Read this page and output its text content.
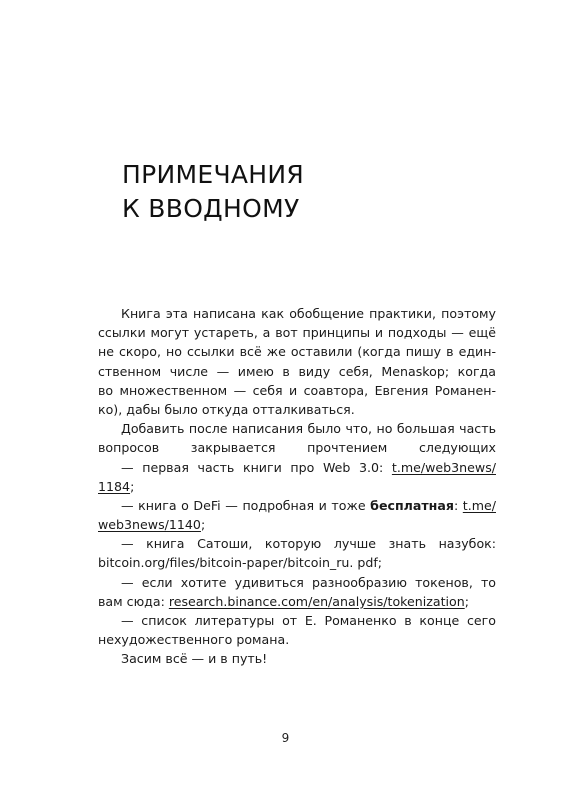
ПРИМЕЧАНИЯ
К ВВОДНОМУ
Книга эта написана как обобщение практики, поэтому
ссылки могут устареть, а вот принципы и подходы — ещё
не скоро, но ссылки всё же оставили (когда пишу в един-
ственном числе — имею в виду себя, Menaskop; когда
во множественном — себя и соавтора, Евгения Романен-
ко), дабы было откуда отталкиваться.
Добавить после написания было что, но большая часть
вопросов закрывается прочтением следующих
— первая часть книги про Web 3.0: t.me/web3news/
1184;
— книга о DeFi — подробная и тоже бесплатная: t.me/
web3news/1140;
— книга Сатоши, которую лучше знать назубок:
bitcoin.org/files/bitcoin-paper/bitcoin_ru. pdf;
— если хотите удивиться разнообразию токенов, то
вам сюда: research.binance.com/en/analysis/tokenization;
— список литературы от Е. Романенко в конце сего
нехудожественного романа.
Засим всё — и в путь!
9
